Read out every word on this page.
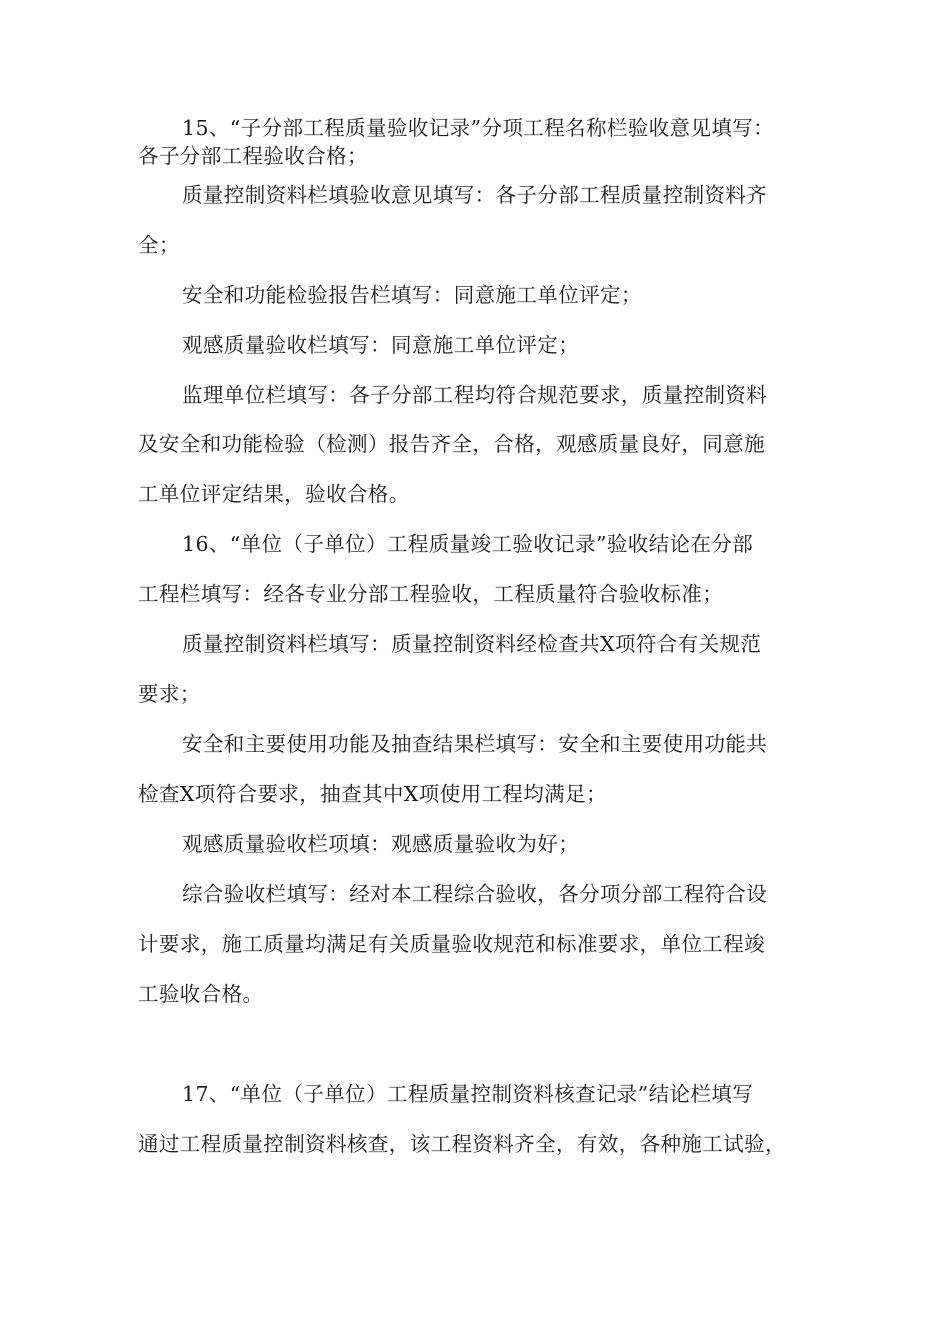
15、“子分部工程质量验收记录”分项工程名称栏验收意见填写：
各子分部工程验收合格；
质量控制资料栏填验收意见填写：各子分部工程质量控制资料齐
全；
安全和功能检验报告栏填写：同意施工单位评定；
观感质量验收栏填写：同意施工单位评定；
监理单位栏填写：各子分部工程均符合规范要求，质量控制资料
及安全和功能检验（检测）报告齐全，合格，观感质量良好，同意施
工单位评定结果，验收合格。
16、“单位（子单位）工程质量竣工验收记录”验收结论在分部
工程栏填写：经各专业分部工程验收，工程质量符合验收标准；
质量控制资料栏填写：质量控制资料经检查共X项符合有关规范
要求；
安全和主要使用功能及抽查结果栏填写：安全和主要使用功能共
检查X项符合要求，抽查其中X项使用工程均满足；
观感质量验收栏项填：观感质量验收为好；
综合验收栏填写：经对本工程综合验收，各分项分部工程符合设
计要求，施工质量均满足有关质量验收规范和标准要求，单位工程竣
工验收合格。
17、“单位（子单位）工程质量控制资料核查记录”结论栏填写
通过工程质量控制资料核查，该工程资料齐全，有效，各种施工试验，
